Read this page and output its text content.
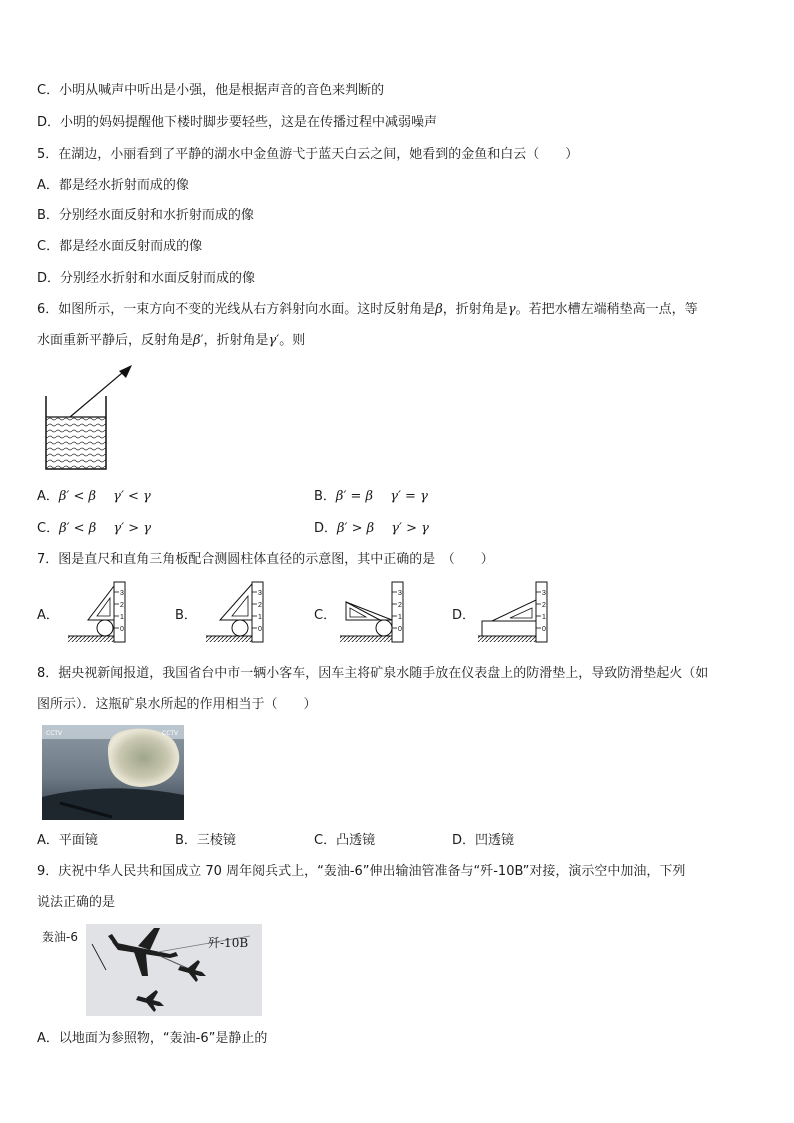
C．小明从喊声中听出是小强，他是根据声音的音色来判断的
D．小明的妈妈提醒他下楼时脚步要轻些，这是在传播过程中减弱噪声
5．在湖边，小丽看到了平静的湖水中金鱼游弋于蓝天白云之间，她看到的金鱼和白云（　　）
A．都是经水折射而成的像
B．分别经水面反射和水折射而成的像
C．都是经水面反射而成的像
D．分别经水折射和水面反射而成的像
6．如图所示，一束方向不变的光线从右方斜射向水面。这时反射角是β，折射角是γ。若把水槽左端稍垫高一点，等
水面重新平静后，反射角是β′，折射角是γ′。则
A．β′ < β　 γ′ < γ	B．β′ = β　 γ′ = γ
C．β′ < β　 γ′ > γ	D．β′ > β　 γ′ > γ
7．图是直尺和直角三角板配合测圆柱体直径的示意图，其中正确的是　（　　）
A．	B．	C．	D．
0
1
2
3
0
1
2
3
0
1
2
3
0
1
2
3
8．据央视新闻报道，我国省台中市一辆小客车，因车主将矿泉水随手放在仪表盘上的防滑垫上，导致防滑垫起火（如
图所示）．这瓶矿泉水所起的作用相当于（　　）
CCTV	CCTV
A．平面镜	B．三棱镜	C．凸透镜	D．凹透镜
9．庆祝中华人民共和国成立 70 周年阅兵式上，“轰油-6”伸出输油管准备与“歼-10B”对接，演示空中加油，下列
说法正确的是
轰油-6	歼-10B
A．以地面为参照物，“轰油-6”是静止的
